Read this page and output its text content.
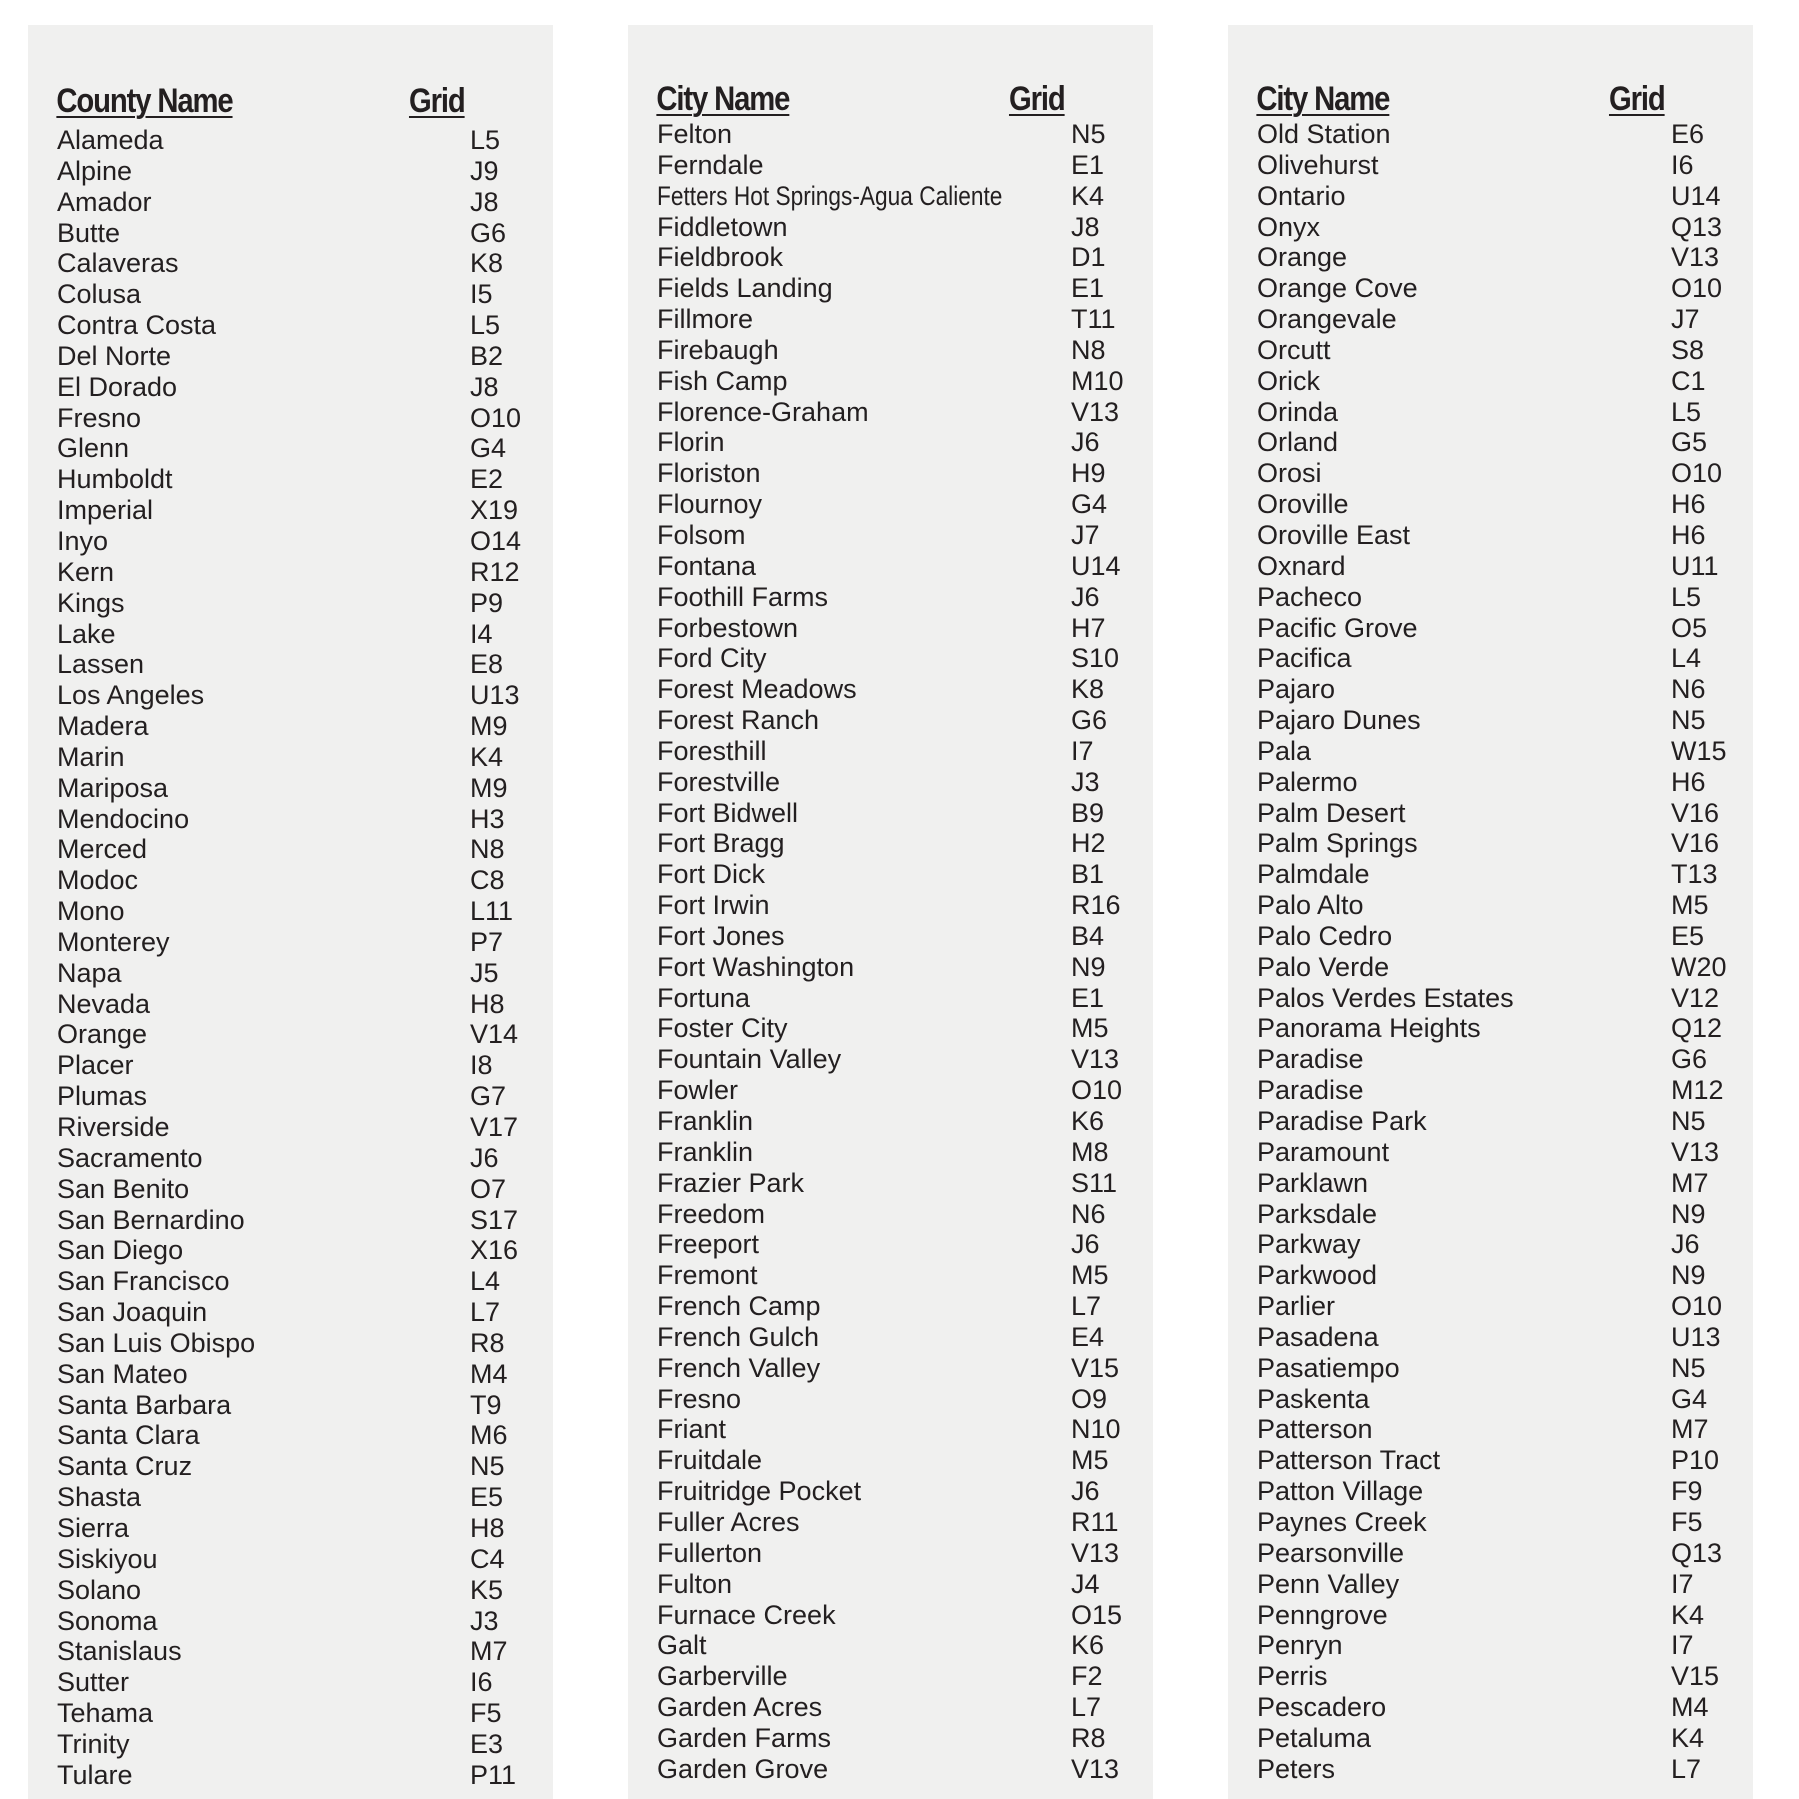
County Name	Grid
Alameda	L5
Alpine	J9
Amador	J8
Butte	G6
Calaveras	K8
Colusa	I5
Contra Costa	L5
Del Norte	B2
El Dorado	J8
Fresno	O10
Glenn	G4
Humboldt	E2
Imperial	X19
Inyo	O14
Kern	R12
Kings	P9
Lake	I4
Lassen	E8
Los Angeles	U13
Madera	M9
Marin	K4
Mariposa	M9
Mendocino	H3
Merced	N8
Modoc	C8
Mono	L11
Monterey	P7
Napa	J5
Nevada	H8
Orange	V14
Placer	I8
Plumas	G7
Riverside	V17
Sacramento	J6
San Benito	O7
San Bernardino	S17
San Diego	X16
San Francisco	L4
San Joaquin	L7
San Luis Obispo	R8
San Mateo	M4
Santa Barbara	T9
Santa Clara	M6
Santa Cruz	N5
Shasta	E5
Sierra	H8
Siskiyou	C4
Solano	K5
Sonoma	J3
Stanislaus	M7
Sutter	I6
Tehama	F5
Trinity	E3
Tulare	P11
City Name	Grid
Felton	N5
Ferndale	E1
Fetters Hot Springs-Agua Caliente	K4
Fiddletown	J8
Fieldbrook	D1
Fields Landing	E1
Fillmore	T11
Firebaugh	N8
Fish Camp	M10
Florence-Graham	V13
Florin	J6
Floriston	H9
Flournoy	G4
Folsom	J7
Fontana	U14
Foothill Farms	J6
Forbestown	H7
Ford City	S10
Forest Meadows	K8
Forest Ranch	G6
Foresthill	I7
Forestville	J3
Fort Bidwell	B9
Fort Bragg	H2
Fort Dick	B1
Fort Irwin	R16
Fort Jones	B4
Fort Washington	N9
Fortuna	E1
Foster City	M5
Fountain Valley	V13
Fowler	O10
Franklin	K6
Franklin	M8
Frazier Park	S11
Freedom	N6
Freeport	J6
Fremont	M5
French Camp	L7
French Gulch	E4
French Valley	V15
Fresno	O9
Friant	N10
Fruitdale	M5
Fruitridge Pocket	J6
Fuller Acres	R11
Fullerton	V13
Fulton	J4
Furnace Creek	O15
Galt	K6
Garberville	F2
Garden Acres	L7
Garden Farms	R8
Garden Grove	V13
City Name	Grid
Old Station	E6
Olivehurst	I6
Ontario	U14
Onyx	Q13
Orange	V13
Orange Cove	O10
Orangevale	J7
Orcutt	S8
Orick	C1
Orinda	L5
Orland	G5
Orosi	O10
Oroville	H6
Oroville East	H6
Oxnard	U11
Pacheco	L5
Pacific Grove	O5
Pacifica	L4
Pajaro	N6
Pajaro Dunes	N5
Pala	W15
Palermo	H6
Palm Desert	V16
Palm Springs	V16
Palmdale	T13
Palo Alto	M5
Palo Cedro	E5
Palo Verde	W20
Palos Verdes Estates	V12
Panorama Heights	Q12
Paradise	G6
Paradise	M12
Paradise Park	N5
Paramount	V13
Parklawn	M7
Parksdale	N9
Parkway	J6
Parkwood	N9
Parlier	O10
Pasadena	U13
Pasatiempo	N5
Paskenta	G4
Patterson	M7
Patterson Tract	P10
Patton Village	F9
Paynes Creek	F5
Pearsonville	Q13
Penn Valley	I7
Penngrove	K4
Penryn	I7
Perris	V15
Pescadero	M4
Petaluma	K4
Peters	L7
